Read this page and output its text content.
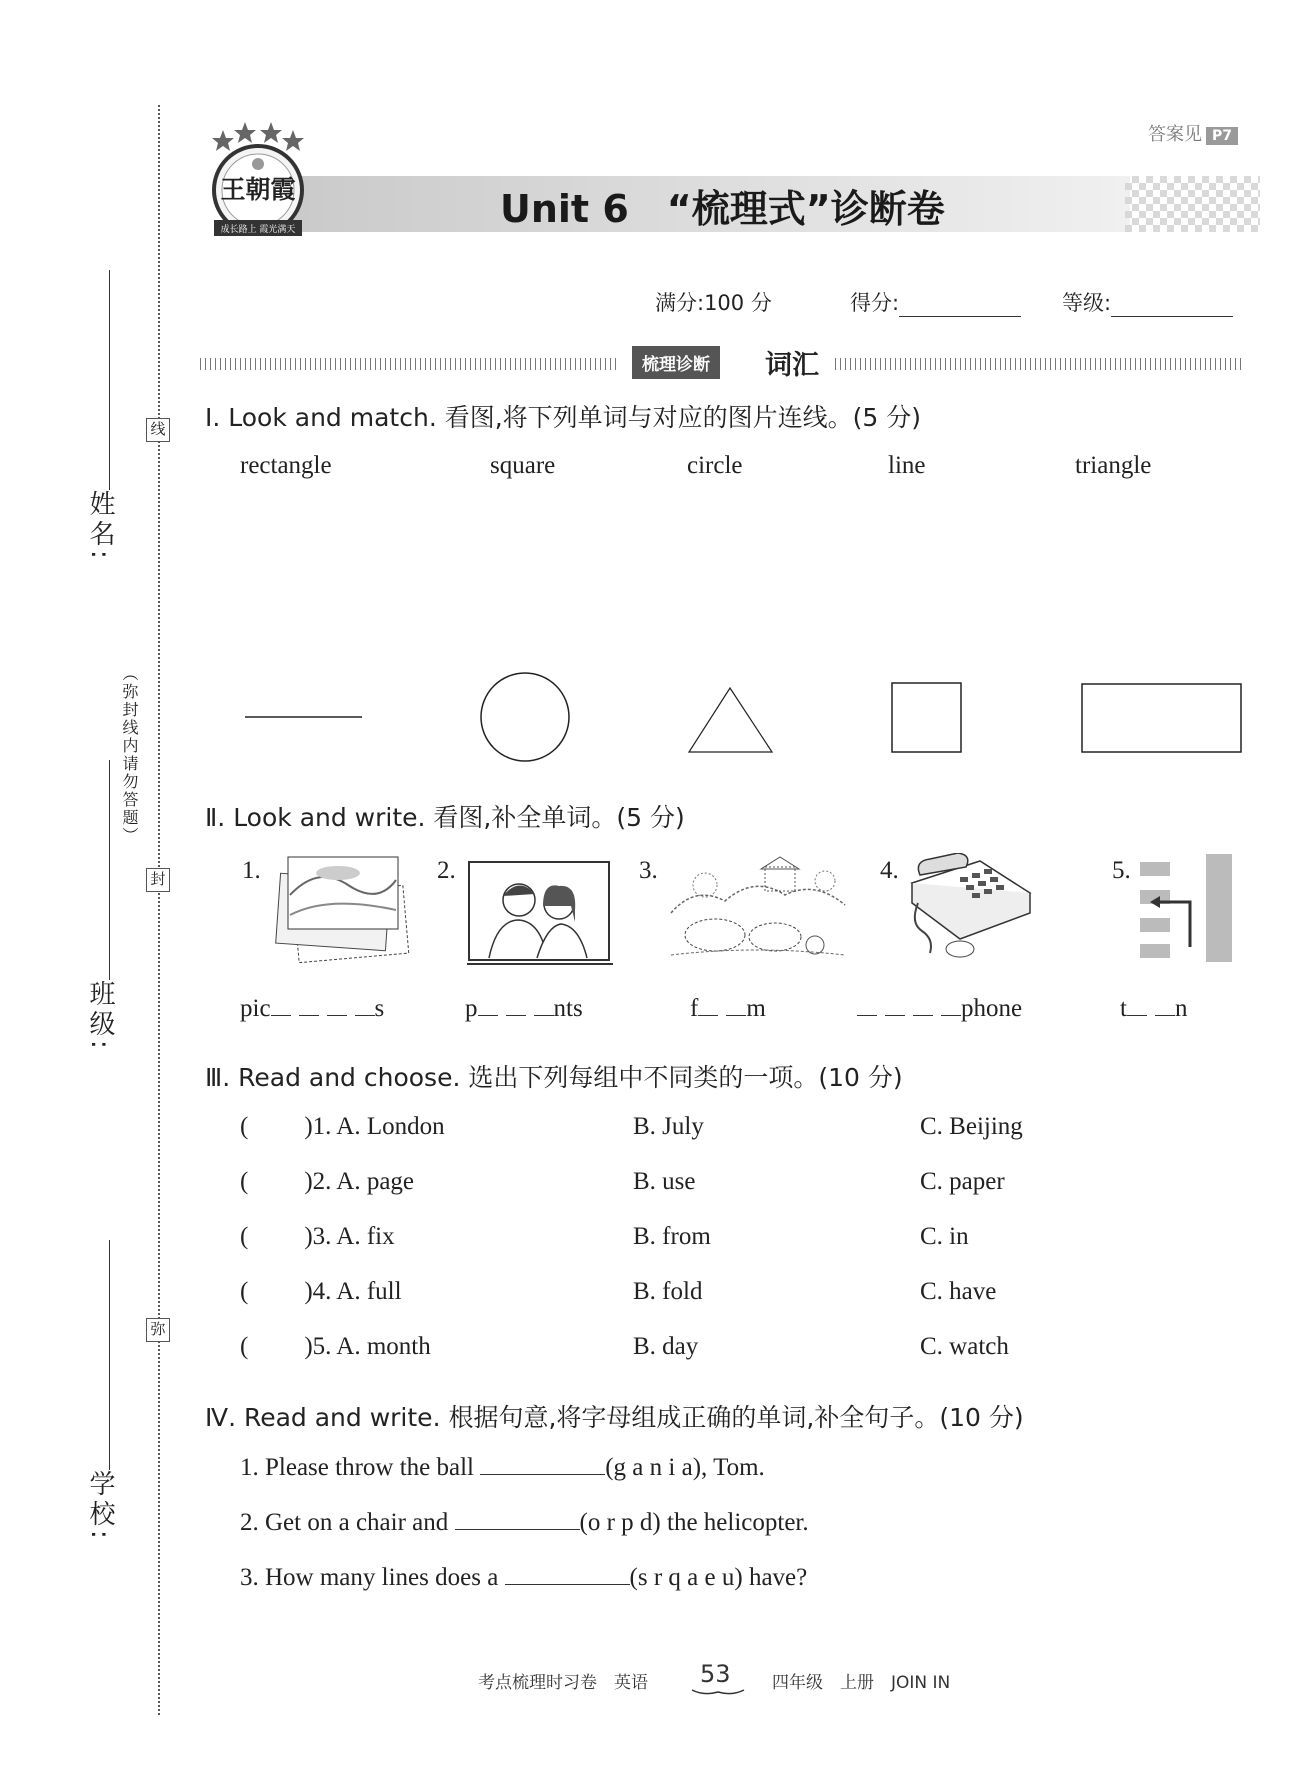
线
封
弥
姓名:
班级:
学校:
（弥封线内请勿答题）
王朝霞
成长路上 霞光满天
答案见 P7
Unit 6　“梳理式”诊断卷
满分:100 分	得分:	等级:
梳理诊断	词汇
Ⅰ. Look and match. 看图,将下列单词与对应的图片连线。(5 分)
rectangle	square	circle	line	triangle
Ⅱ. Look and write. 看图,补全单词。(5 分)
1.	2.	3.	4.	5.
pic	s	p	nts	f m	phone	t n
Ⅲ. Read and choose. 选出下列每组中不同类的一项。(10 分)
( )1. A. London	B. July	C. Beijing
( )2. A. page	B. use	C. paper
( )3. A. fix	B. from	C. in
( )4. A. full	B. fold	C. have
( )5. A. month	B. day	C. watch
Ⅳ. Read and write. 根据句意,将字母组成正确的单词,补全句子。(10 分)
1. Please throw the ball	(g a n i a), Tom.
2. Get on a chair and	(o r p d) the helicopter.
3. How many lines does a	(s r q a e u) have?
考点梳理时习卷　英语 53 四年级　上册　JOIN IN
